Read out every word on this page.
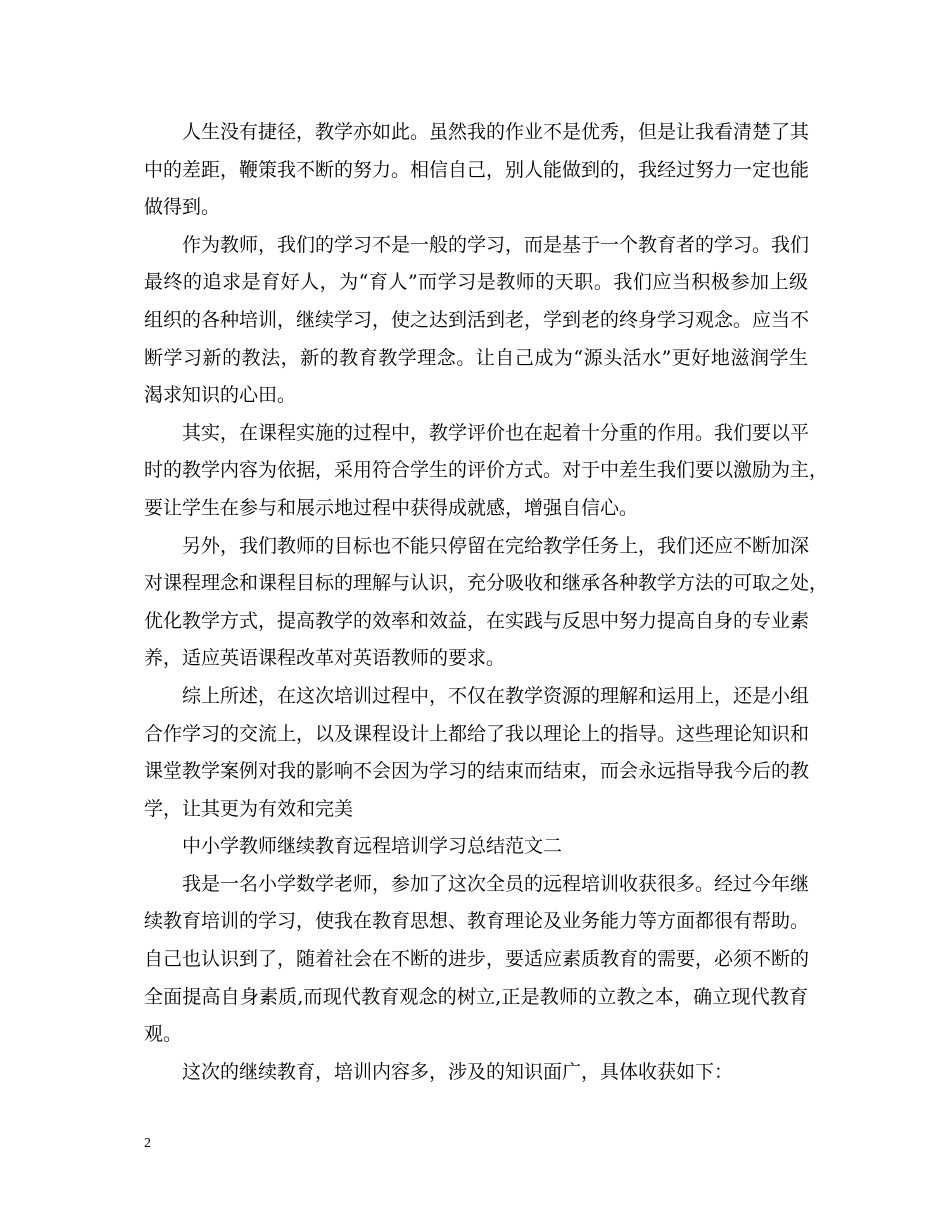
人生没有捷径，教学亦如此。虽然我的作业不是优秀，但是让我看清楚了其
中的差距，鞭策我不断的努力。相信自己，别人能做到的，我经过努力一定也能
做得到。
作为教师，我们的学习不是一般的学习，而是基于一个教育者的学习。我们
最终的追求是育好人，为“育人”而学习是教师的天职。我们应当积极参加上级
组织的各种培训，继续学习，使之达到活到老，学到老的终身学习观念。应当不
断学习新的教法，新的教育教学理念。让自己成为“源头活水”更好地滋润学生
渴求知识的心田。
其实，在课程实施的过程中，教学评价也在起着十分重的作用。我们要以平
时的教学内容为依据，采用符合学生的评价方式。对于中差生我们要以激励为主，
要让学生在参与和展示地过程中获得成就感，增强自信心。
另外，我们教师的目标也不能只停留在完给教学任务上，我们还应不断加深
对课程理念和课程目标的理解与认识，充分吸收和继承各种教学方法的可取之处，
优化教学方式，提高教学的效率和效益，在实践与反思中努力提高自身的专业素
养，适应英语课程改革对英语教师的要求。
综上所述，在这次培训过程中，不仅在教学资源的理解和运用上，还是小组
合作学习的交流上，以及课程设计上都给了我以理论上的指导。这些理论知识和
课堂教学案例对我的影响不会因为学习的结束而结束，而会永远指导我今后的教
学，让其更为有效和完美
中小学教师继续教育远程培训学习总结范文二
我是一名小学数学老师，参加了这次全员的远程培训收获很多。经过今年继
续教育培训的学习，使我在教育思想、教育理论及业务能力等方面都很有帮助。
自己也认识到了，随着社会在不断的进步，要适应素质教育的需要，必须不断的
全面提高自身素质,而现代教育观念的树立,正是教师的立教之本，确立现代教育
观。
这次的继续教育，培训内容多，涉及的知识面广，具体收获如下：
2
